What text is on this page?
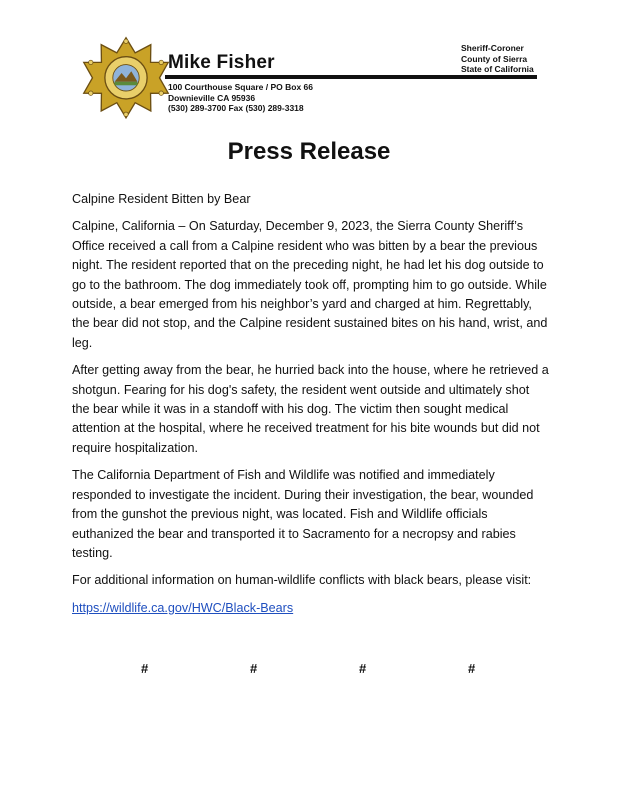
Mike Fisher
100 Courthouse Square / PO Box 66
Downieville CA 95936
(530) 289-3700 Fax (530) 289-3318
Sheriff-Coroner
County of Sierra
State of California
Press Release

Calpine Resident Bitten by Bear

Calpine, California – On Saturday, December 9, 2023, the Sierra County Sheriff’s Office received a call from a Calpine resident who was bitten by a bear the previous night. The resident reported that on the preceding night, he had let his dog outside to go to the bathroom. The dog immediately took off, prompting him to go outside. While outside, a bear emerged from his neighbor’s yard and charged at him. Regrettably, the bear did not stop, and the Calpine resident sustained bites on his hand, wrist, and leg.

After getting away from the bear, he hurried back into the house, where he retrieved a shotgun. Fearing for his dog's safety, the resident went outside and ultimately shot the bear while it was in a standoff with his dog. The victim then sought medical attention at the hospital, where he received treatment for his bite wounds but did not require hospitalization.

The California Department of Fish and Wildlife was notified and immediately responded to investigate the incident. During their investigation, the bear, wounded from the gunshot the previous night, was located. Fish and Wildlife officials euthanized the bear and transported it to Sacramento for a necropsy and rabies testing.

For additional information on human-wildlife conflicts with black bears, please visit:

https://wildlife.ca.gov/HWC/Black-Bears

#	#	#	#
